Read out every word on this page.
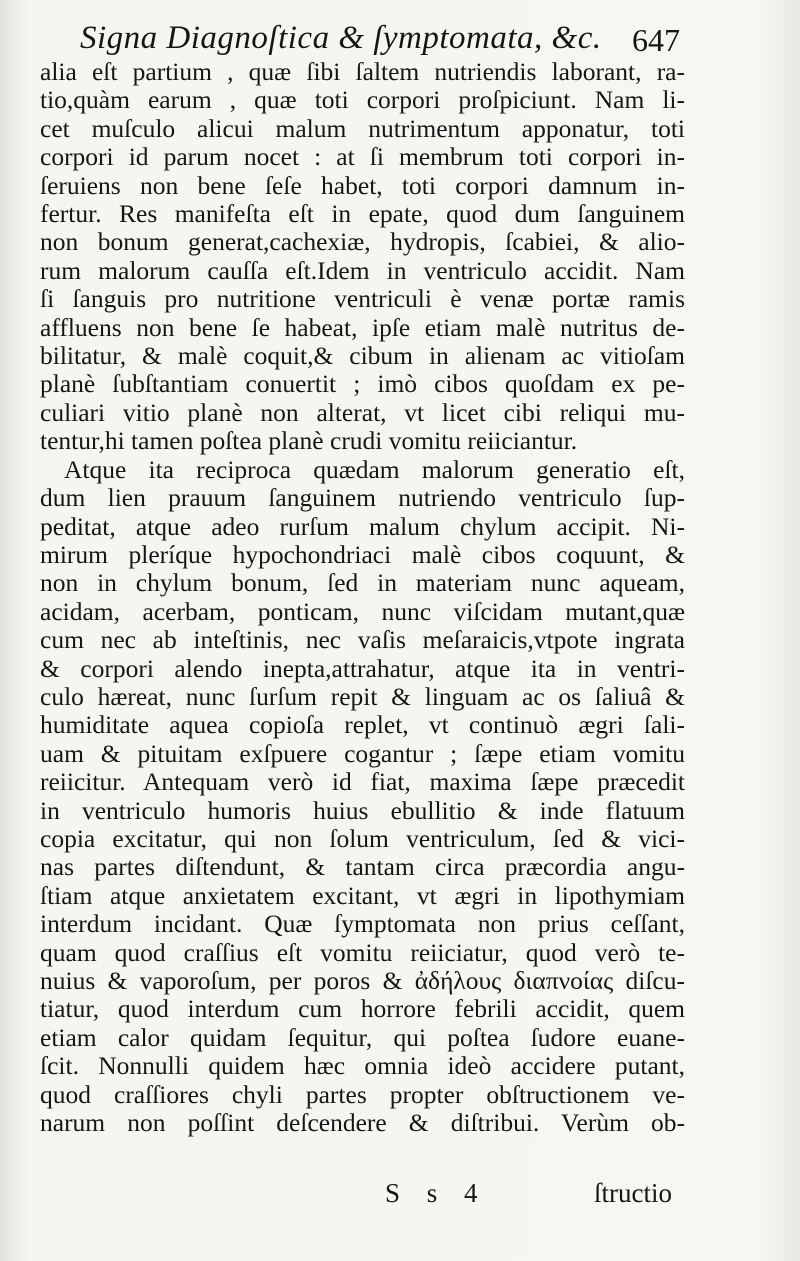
Signa Diagnoſtica & ſymptomata, &c. 647
alia eſt partium , quæ ſibi ſaltem nutriendis laborant, ra-
tio,quàm earum , quæ toti corpori proſpiciunt. Nam li-
cet muſculo alicui malum nutrimentum apponatur, toti
corpori id parum nocet : at ſi membrum toti corpori in-
ſeruiens non bene ſeſe habet, toti corpori damnum in-
fertur. Res manifeſta eſt in epate, quod dum ſanguinem
non bonum generat,cachexiæ, hydropis, ſcabiei, & alio-
rum malorum cauſſa eſt.Idem in ventriculo accidit. Nam
ſi ſanguis pro nutritione ventriculi è venæ portæ ramis
affluens non bene ſe habeat, ipſe etiam malè nutritus de-
bilitatur, & malè coquit,& cibum in alienam ac vitioſam
planè ſubſtantiam conuertit ; imò cibos quoſdam ex pe-
culiari vitio planè non alterat, vt licet cibi reliqui mu-
tentur,hi tamen poſtea planè crudi vomitu reiiciantur.
Atque ita reciproca quædam malorum generatio eſt,
dum lien prauum ſanguinem nutriendo ventriculo ſup-
peditat, atque adeo rurſum malum chylum accipit. Ni-
mirum pleríque hypochondriaci malè cibos coquunt, &
non in chylum bonum, ſed in materiam nunc aqueam,
acidam, acerbam, ponticam, nunc viſcidam mutant,quæ
cum nec ab inteſtinis, nec vaſis meſaraicis,vtpote ingrata
& corpori alendo inepta,attrahatur, atque ita in ventri-
culo hæreat, nunc ſurſum repit & linguam ac os ſaliuâ &
humiditate aquea copioſa replet, vt continuò ægri ſali-
uam & pituitam exſpuere cogantur ; ſæpe etiam vomitu
reiicitur. Antequam verò id fiat, maxima ſæpe præcedit
in ventriculo humoris huius ebullitio & inde flatuum
copia excitatur, qui non ſolum ventriculum, ſed & vici-
nas partes diſtendunt, & tantam circa præcordia angu-
ſtiam atque anxietatem excitant, vt ægri in lipothymiam
interdum incidant. Quæ ſymptomata non prius ceſſant,
quam quod craſſius eſt vomitu reiiciatur, quod verò te-
nuius & vaporoſum, per poros & ἀδήλους διαπνοίας diſcu-
tiatur, quod interdum cum horrore febrili accidit, quem
etiam calor quidam ſequitur, qui poſtea ſudore euane-
ſcit. Nonnulli quidem hæc omnia ideò accidere putant,
quod craſſiores chyli partes propter obſtructionem ve-
narum non poſſint deſcendere & diſtribui. Verùm ob-
S s 4	ſtructio
